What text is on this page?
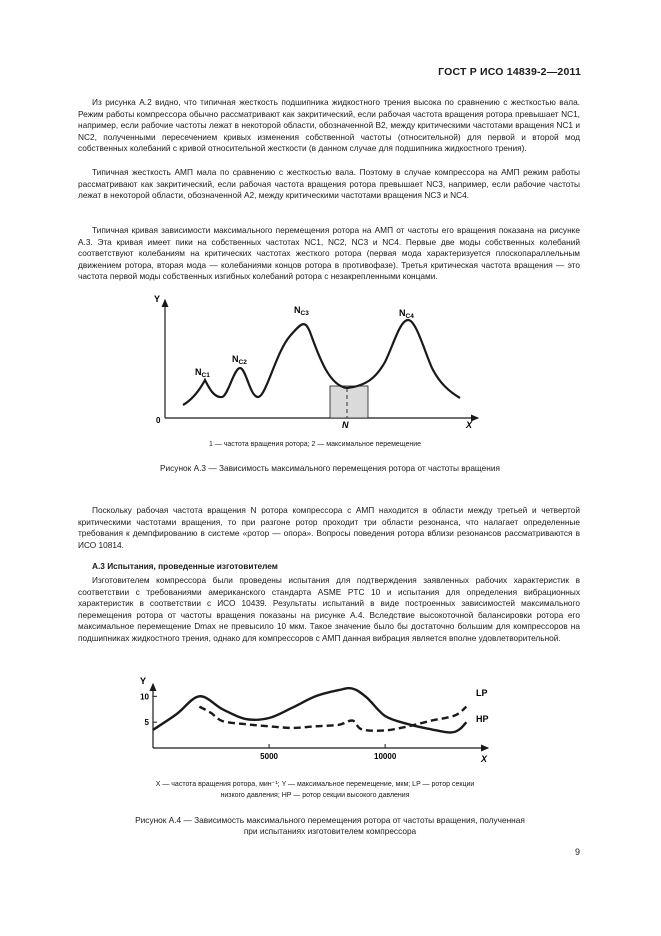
ГОСТ Р ИСО 14839-2—2011

Из рисунка А.2 видно, что типичная жесткость подшипника жидкостного трения высока по сравнению с жесткостью вала. Режим работы компрессора обычно рассматривают как закритический, если рабочая частота вращения ротора превышает NC1, например, если рабочие частоты лежат в некоторой области, обозначенной В2, между критическими частотами вращения NC1 и NC2, полученными пересечением кривых изменения собственной частоты (относительной) для первой и второй мод собственных колебаний с кривой относительной жесткости (в данном случае для подшипника жидкостного трения).

Типичная жесткость АМП мала по сравнению с жесткостью вала. Поэтому в случае компрессора на АМП режим работы рассматривают как закритический, если рабочая частота вращения ротора превышает NC3, например, если рабочие частоты лежат в некоторой области, обозначенной А2, между критическими частотами вращения NC3 и NC4.

Типичная кривая зависимости максимального перемещения ротора на АМП от частоты его вращения показана на рисунке А.3. Эта кривая имеет пики на собственных частотах NC1, NC2, NC3 и NC4. Первые две моды собственных колебаний соответствуют колебаниям на критических частотах жесткого ротора (первая мода характеризуется плоскопараллельным движением ротора, вторая мода — колебаниями концов ротора в противофазе). Третья критическая частота вращения — это частота первой моды собственных изгибных колебаний ротора с незакрепленными концами.

Y
X
0
$N_{C1}$
$N_{C2}$
$N_{C3}$	$N_{C4}$
N
1 — частота вращения ротора; 2 — максимальное перемещение
Рисунок А.3 — Зависимость максимального перемещения ротора от частоты вращения

Поскольку рабочая частота вращения N ротора компрессора с АМП находится в области между третьей и четвертой критическими частотами вращения, то при разгоне ротор проходит три области резонанса, что налагает определенные требования к демпфированию в системе «ротор — опора». Вопросы поведения ротора вблизи резонансов рассматриваются в ИСО 10814.

А.3 Испытания, проведенные изготовителем

Изготовителем компрессора были проведены испытания для подтверждения заявленных рабочих характеристик в соответствии с требованиями американского стандарта ASME PTC 10 и испытания для определения вибрационных характеристик в соответствии с ИСО 10439. Результаты испытаний в виде построенных зависимостей максимального перемещения ротора от частоты вращения показаны на рисунке А.4. Вследствие высокоточной балансировки ротора его максимальное перемещение Dmax не превысило 10 мкм. Такое значение было бы достаточно большим для компрессоров на подшипниках жидкостного трения, однако для компрессоров с АМП данная вибрация является вполне удовлетворительной.

Y
X
5000	10000
10
5
LP
HP
X — частота вращения ротора, мин⁻¹; Y — максимальное перемещение, мкм; LP — ротор секции
низкого давления; HP — ротор секции высокого давления
Рисунок А.4 — Зависимость максимального перемещения ротора от частоты вращения, полученная
при испытаниях изготовителем компрессора
9
